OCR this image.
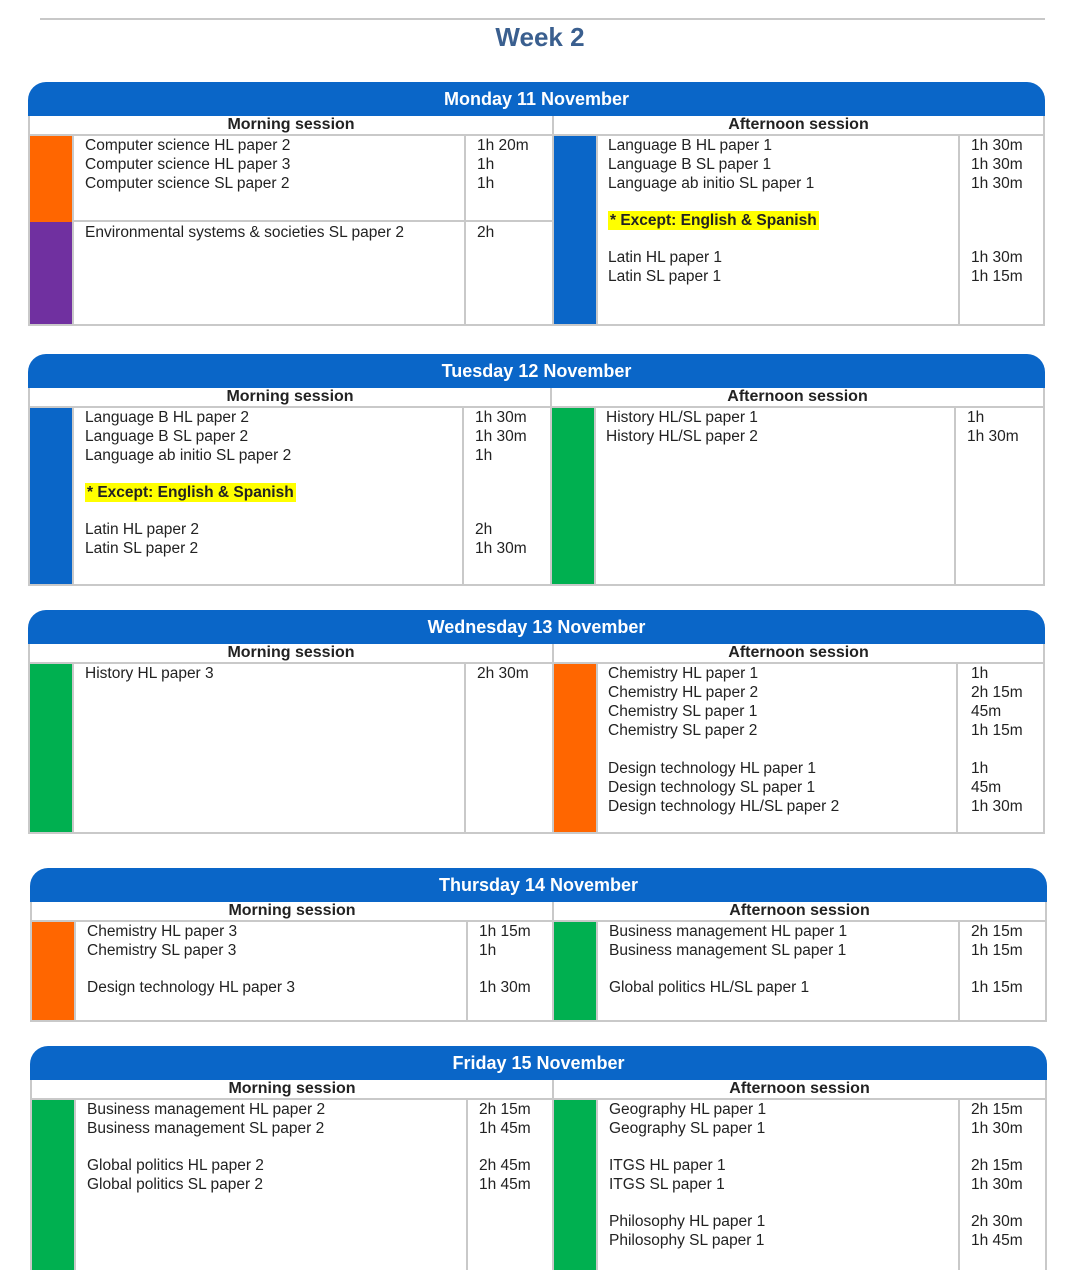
Week 2
Monday 11 November
Morning session
Computer science HL paper 2
Computer science HL paper 3
Computer science SL paper 2
1h 20m
1h
1h
Environmental systems & societies SL paper 2	2h
Afternoon session
Language B HL paper 1
Language B SL paper 1
Language ab initio SL paper 1
* Except: English & Spanish
Latin HL paper 1
Latin SL paper 1
1h 30m
1h 30m
1h 30m
1h 30m
1h 15m
Tuesday 12 November
Morning session
Language B HL paper 2
Language B SL paper 2
Language ab initio SL paper 2
* Except: English & Spanish
Latin HL paper 2
Latin SL paper 2
1h 30m
1h 30m
1h
2h
1h 30m
Afternoon session
History HL/SL paper 1
History HL/SL paper 2
1h
1h 30m
Wednesday 13 November
Morning session
History HL paper 3	2h 30m
Afternoon session
Chemistry HL paper 1
Chemistry HL paper 2
Chemistry SL paper 1
Chemistry SL paper 2
Design technology HL paper 1
Design technology SL paper 1
Design technology HL/SL paper 2
1h
2h 15m
45m
1h 15m
1h
45m
1h 30m
Thursday 14 November
Morning session
Chemistry HL paper 3
Chemistry SL paper 3
Design technology HL paper 3
1h 15m
1h
1h 30m
Afternoon session
Business management HL paper 1
Business management SL paper 1
Global politics HL/SL paper 1
2h 15m
1h 15m
1h 15m
Friday 15 November
Morning session
Business management HL paper 2
Business management SL paper 2
Global politics HL paper 2
Global politics SL paper 2
2h 15m
1h 45m
2h 45m
1h 45m
Afternoon session
Geography HL paper 1
Geography SL paper 1
ITGS HL paper 1
ITGS SL paper 1
Philosophy HL paper 1
Philosophy SL paper 1
2h 15m
1h 30m
2h 15m
1h 30m
2h 30m
1h 45m
